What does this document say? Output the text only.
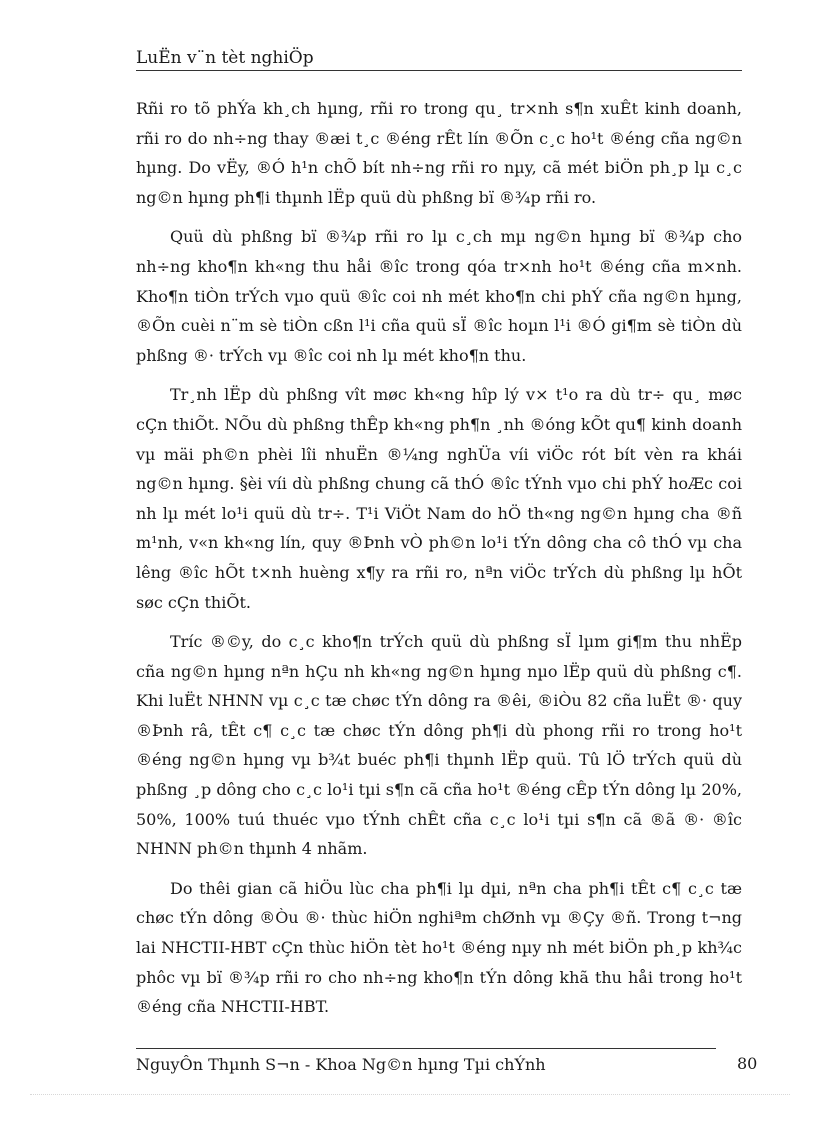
LuËn v¨n tèt nghiÖp

Rñi ro tõ phÝa kh¸ch hµng, rñi ro trong qu¸ tr×nh s¶n xuÊt kinh doanh, rñi ro do nh÷ng thay ®æi t¸c ®éng rÊt lín ®Õn c¸c ho¹t ®éng cña ng©n hµng. Do vËy, ®Ó h¹n chÕ bít nh÷ng rñi ro nµy, cã mét biÖn ph¸p lµ c¸c ng©n hµng ph¶i thµnh lËp quü dù phßng bï ®¾p rñi ro.

Quü dù phßng bï ®¾p rñi ro lµ c¸ch mµ ng©n hµng bï ®¾p cho nh÷ng kho¶n kh«ng thu håi ®îc trong qóa tr×nh ho¹t ®éng cña m×nh. Kho¶n tiÒn trÝch vµo quü ®îc coi nh mét kho¶n chi phÝ cña ng©n hµng, ®Õn cuèi n¨m sè tiÒn cßn l¹i cña quü sÏ ®îc hoµn l¹i ®Ó gi¶m sè tiÒn dù phßng ®· trÝch vµ ®îc coi nh lµ mét kho¶n thu.

Tr¸nh lËp dù phßng vît møc kh«ng hîp lý v× t¹o ra dù tr÷ qu¸ møc cÇn thiÕt. NÕu dù phßng thÊp kh«ng ph¶n ¸nh ®óng kÕt qu¶ kinh doanh vµ mäi ph©n phèi lîi nhuËn ®¼ng nghÜa víi viÖc rót bít vèn ra khái ng©n hµng. §èi víi dù phßng chung cã thÓ ®îc tÝnh vµo chi phÝ hoÆc coi nh lµ mét lo¹i quü dù tr÷. T¹i ViÖt Nam do hÖ th«ng ng©n hµng cha ®ñ m¹nh, v«n kh«ng lín, quy ®Þnh vÒ ph©n lo¹i tÝn dông cha cô thÓ vµ cha lêng ®îc hÕt t×nh huèng x¶y ra rñi ro, nªn viÖc trÝch dù phßng lµ hÕt søc cÇn thiÕt.

Tríc ®©y, do c¸c kho¶n trÝch quü dù phßng sÏ lµm gi¶m thu nhËp cña ng©n hµng nªn hÇu nh kh«ng ng©n hµng nµo lËp quü dù phßng c¶. Khi luËt NHNN vµ c¸c tæ chøc tÝn dông ra ®êi, ®iÒu 82 cña luËt ®· quy ®Þnh râ, tÊt c¶ c¸c tæ chøc tÝn dông ph¶i dù phong rñi ro trong ho¹t ®éng ng©n hµng vµ b¾t buéc ph¶i thµnh lËp quü. Tû lÖ trÝch quü dù phßng ¸p dông cho c¸c lo¹i tµi s¶n cã cña ho¹t ®éng cÊp tÝn dông lµ 20%, 50%, 100% tuú thuéc vµo tÝnh chÊt cña c¸c lo¹i tµi s¶n cã ®ã ®· ®îc NHNN ph©n thµnh 4 nhãm.

Do thêi gian cã hiÖu lùc cha ph¶i lµ dµi, nªn cha ph¶i tÊt c¶ c¸c tæ chøc tÝn dông ®Òu ®· thùc hiÖn nghiªm chØnh vµ ®Çy ®ñ. Trong t¬ng lai NHCTII-HBT cÇn thùc hiÖn tèt ho¹t ®éng nµy nh mét biÖn ph¸p kh¾c phôc vµ bï ®¾p rñi ro cho nh÷ng kho¶n tÝn dông khã thu håi trong ho¹t ®éng cña NHCTII-HBT.

NguyÔn Thµnh S¬n - Khoa Ng©n hµng Tµi chÝnh	80
